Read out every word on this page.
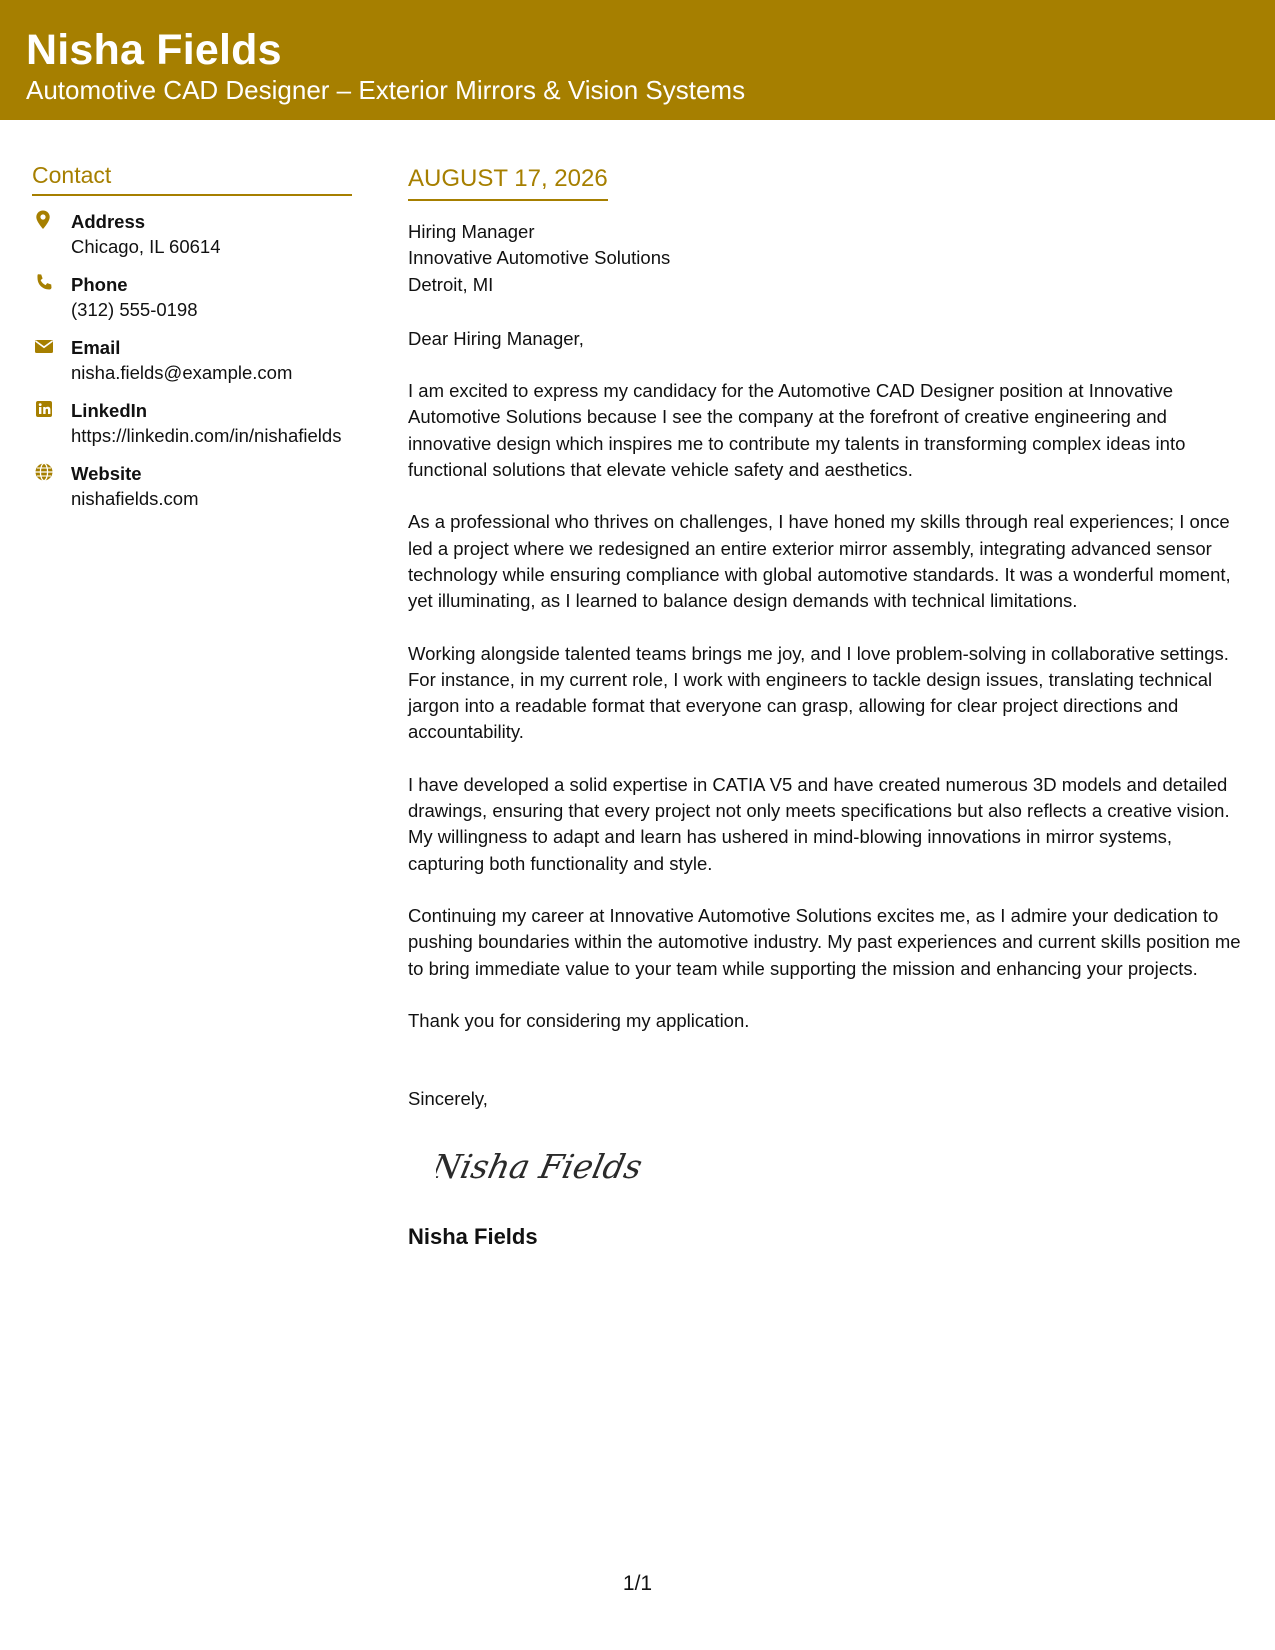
Nisha Fields
Automotive CAD Designer – Exterior Mirrors & Vision Systems
Contact
Address
Chicago, IL 60614
Phone
(312) 555-0198
Email
nisha.fields@example.com
LinkedIn
https://linkedin.com/in/nishafields
Website
nishafields.com
AUGUST 17, 2026
Hiring Manager
Innovative Automotive Solutions
Detroit, MI
Dear Hiring Manager,
I am excited to express my candidacy for the Automotive CAD Designer position at Innovative Automotive Solutions because I see the company at the forefront of creative engineering and innovative design which inspires me to contribute my talents in transforming complex ideas into functional solutions that elevate vehicle safety and aesthetics.
As a professional who thrives on challenges, I have honed my skills through real experiences; I once led a project where we redesigned an entire exterior mirror assembly, integrating advanced sensor technology while ensuring compliance with global automotive standards. It was a wonderful moment, yet illuminating, as I learned to balance design demands with technical limitations.
Working alongside talented teams brings me joy, and I love problem-solving in collaborative settings. For instance, in my current role, I work with engineers to tackle design issues, translating technical jargon into a readable format that everyone can grasp, allowing for clear project directions and accountability.
I have developed a solid expertise in CATIA V5 and have created numerous 3D models and detailed drawings, ensuring that every project not only meets specifications but also reflects a creative vision. My willingness to adapt and learn has ushered in mind-blowing innovations in mirror systems, capturing both functionality and style.
Continuing my career at Innovative Automotive Solutions excites me, as I admire your dedication to pushing boundaries within the automotive industry. My past experiences and current skills position me to bring immediate value to your team while supporting the mission and enhancing your projects.
Thank you for considering my application.
Sincerely,
Nisha Fields
Nisha Fields
1/1
